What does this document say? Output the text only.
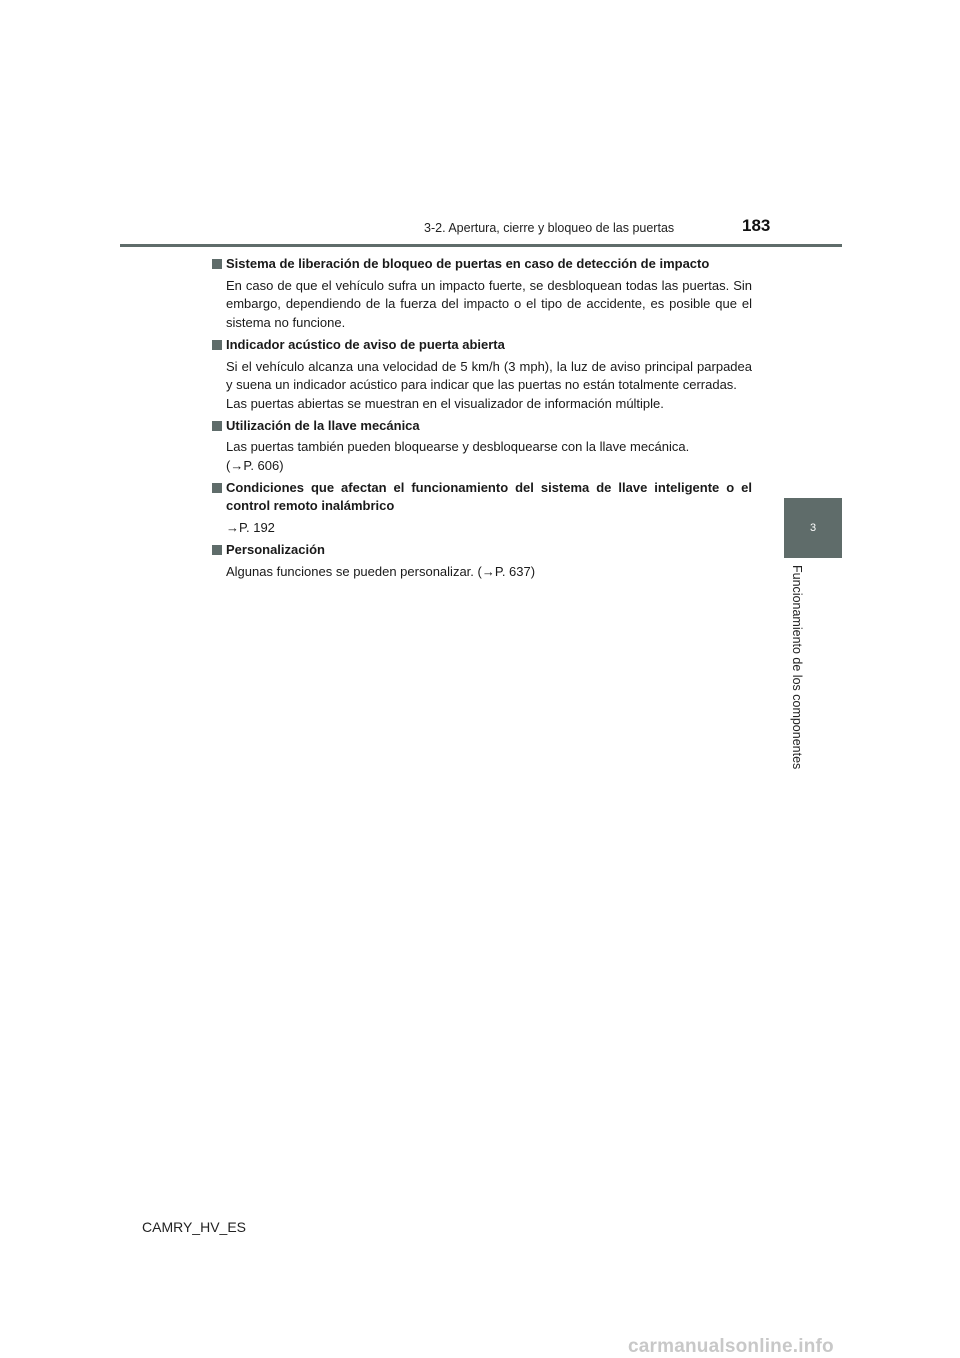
3-2. Apertura, cierre y bloqueo de las puertas	183
3
Funcionamiento de los componentes
Sistema de liberación de bloqueo de puertas en caso de detección de impacto

En caso de que el vehículo sufra un impacto fuerte, se desbloquean todas las puertas. Sin embargo, dependiendo de la fuerza del impacto o el tipo de accidente, es posible que el sistema no funcione.

Indicador acústico de aviso de puerta abierta

Si el vehículo alcanza una velocidad de 5 km/h (3 mph), la luz de aviso principal parpadea y suena un indicador acústico para indicar que las puertas no están totalmente cerradas.
Las puertas abiertas se muestran en el visualizador de información múltiple.

Utilización de la llave mecánica

Las puertas también pueden bloquearse y desbloquearse con la llave mecánica.
(→P. 606)

Condiciones que afectan el funcionamiento del sistema de llave inteligente o el control remoto inalámbrico

→P. 192

Personalización

Algunas funciones se pueden personalizar. (→P. 637)

CAMRY_HV_ES
carmanualsonline.info
